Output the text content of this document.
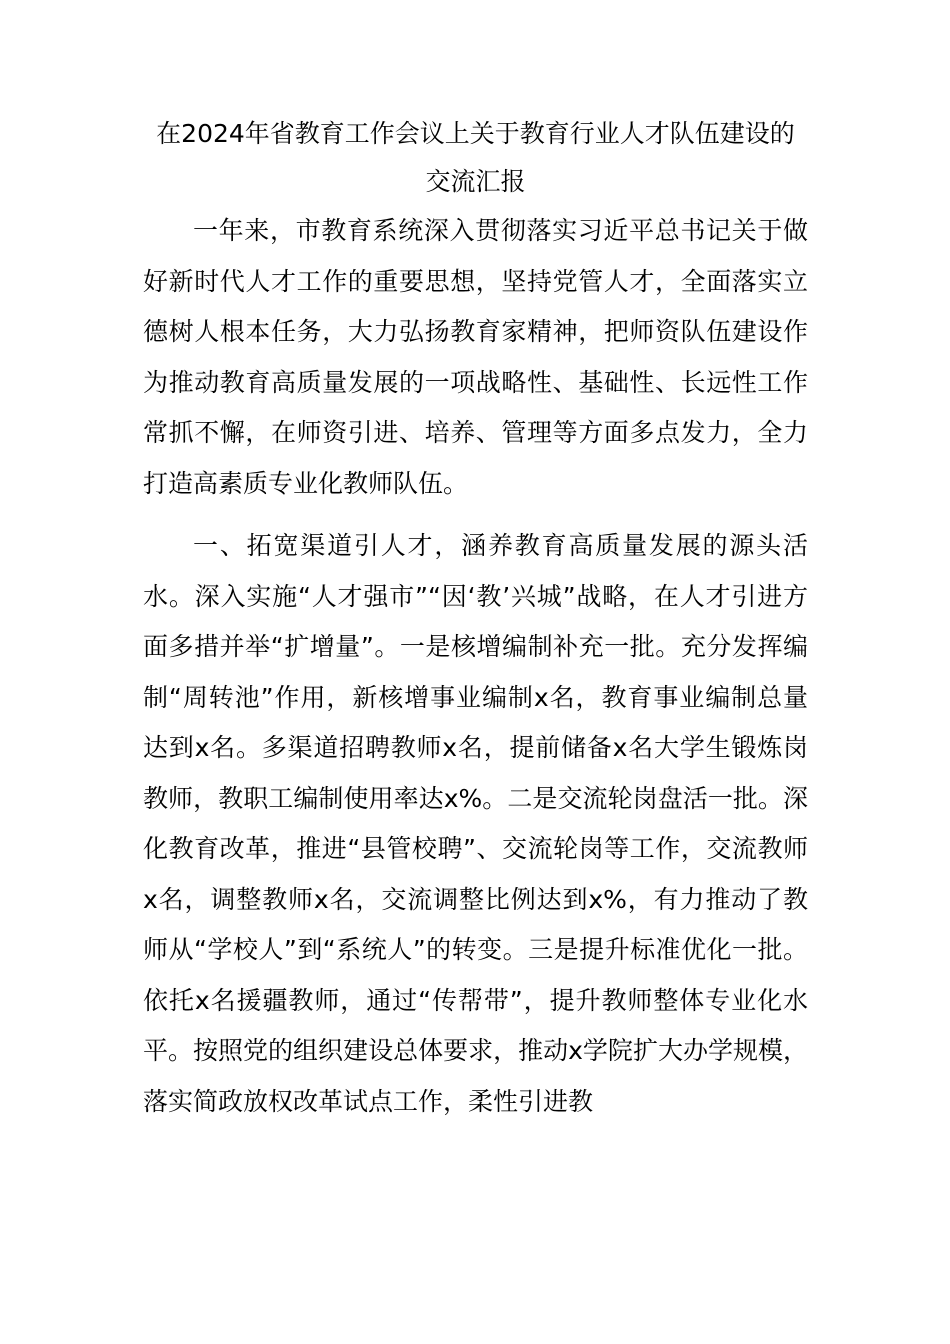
在2024年省教育工作会议上关于教育行业人才队伍建设的
交流汇报

一年来，市教育系统深入贯彻落实习近平总书记关于做好新时代人才工作的重要思想，坚持党管人才，全面落实立德树人根本任务，大力弘扬教育家精神，把师资队伍建设作为推动教育高质量发展的一项战略性、基础性、长远性工作常抓不懈，在师资引进、培养、管理等方面多点发力，全力打造高素质专业化教师队伍。

一、拓宽渠道引人才，涵养教育高质量发展的源头活水。深入实施“人才强市”“因‘教’兴城”战略，在人才引进方面多措并举“扩增量”。一是核增编制补充一批。充分发挥编制“周转池”作用，新核增事业编制x名，教育事业编制总量达到x名。多渠道招聘教师x名，提前储备x名大学生锻炼岗教师，教职工编制使用率达x%。二是交流轮岗盘活一批。深化教育改革，推进“县管校聘”、交流轮岗等工作，交流教师x名，调整教师x名，交流调整比例达到x%，有力推动了教师从“学校人”到“系统人”的转变。三是提升标准优化一批。依托x名援疆教师，通过“传帮带”，提升教师整体专业化水平。按照党的组织建设总体要求，推动x学院扩大办学规模，落实简政放权改革试点工作，柔性引进教
